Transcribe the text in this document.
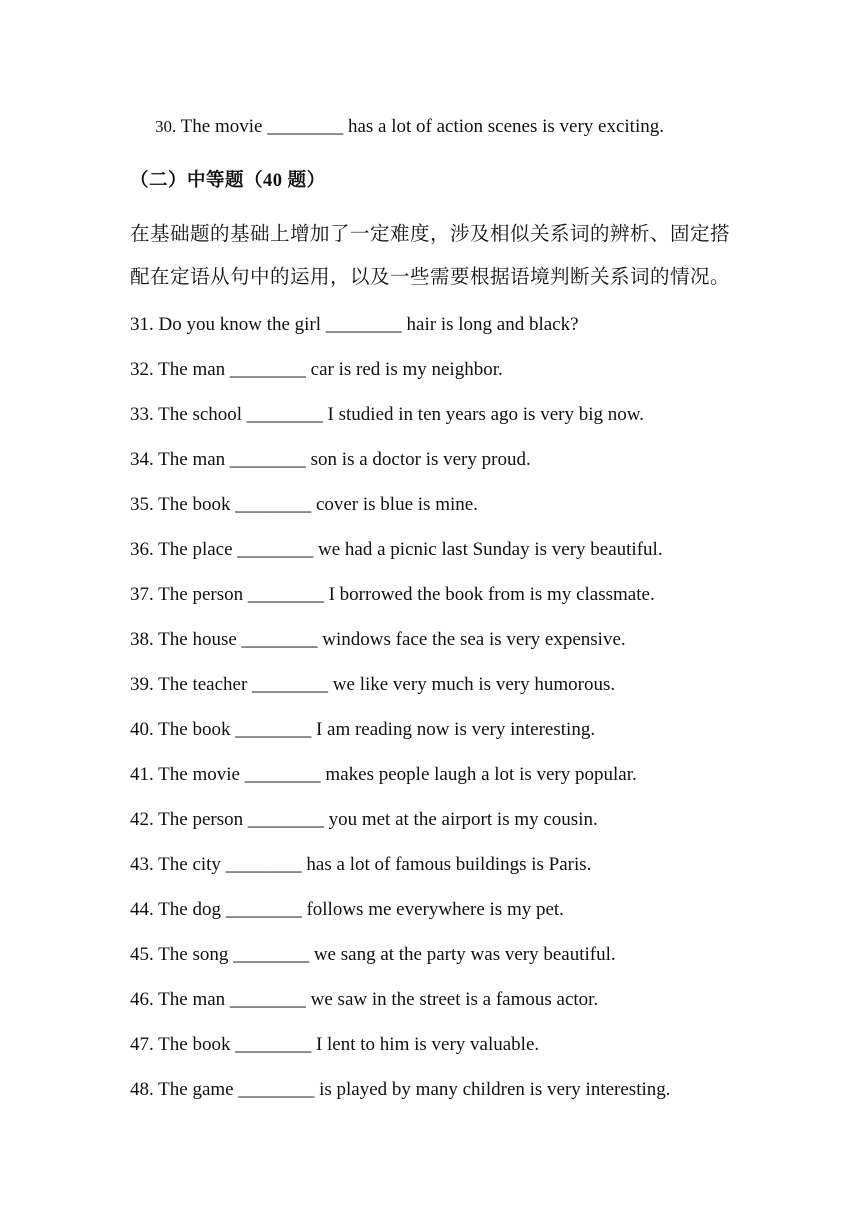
30. The movie ________ has a lot of action scenes is very exciting.
（二）中等题（40 题）
在基础题的基础上增加了一定难度，涉及相似关系词的辨析、固定搭
配在定语从句中的运用，以及一些需要根据语境判断关系词的情况。
31. Do you know the girl ________ hair is long and black?
32. The man ________ car is red is my neighbor.
33. The school ________ I studied in ten years ago is very big now.
34. The man ________ son is a doctor is very proud.
35. The book ________ cover is blue is mine.
36. The place ________ we had a picnic last Sunday is very beautiful.
37. The person ________ I borrowed the book from is my classmate.
38. The house ________ windows face the sea is very expensive.
39. The teacher ________ we like very much is very humorous.
40. The book ________ I am reading now is very interesting.
41. The movie ________ makes people laugh a lot is very popular.
42. The person ________ you met at the airport is my cousin.
43. The city ________ has a lot of famous buildings is Paris.
44. The dog ________ follows me everywhere is my pet.
45. The song ________ we sang at the party was very beautiful.
46. The man ________ we saw in the street is a famous actor.
47. The book ________ I lent to him is very valuable.
48. The game ________ is played by many children is very interesting.
